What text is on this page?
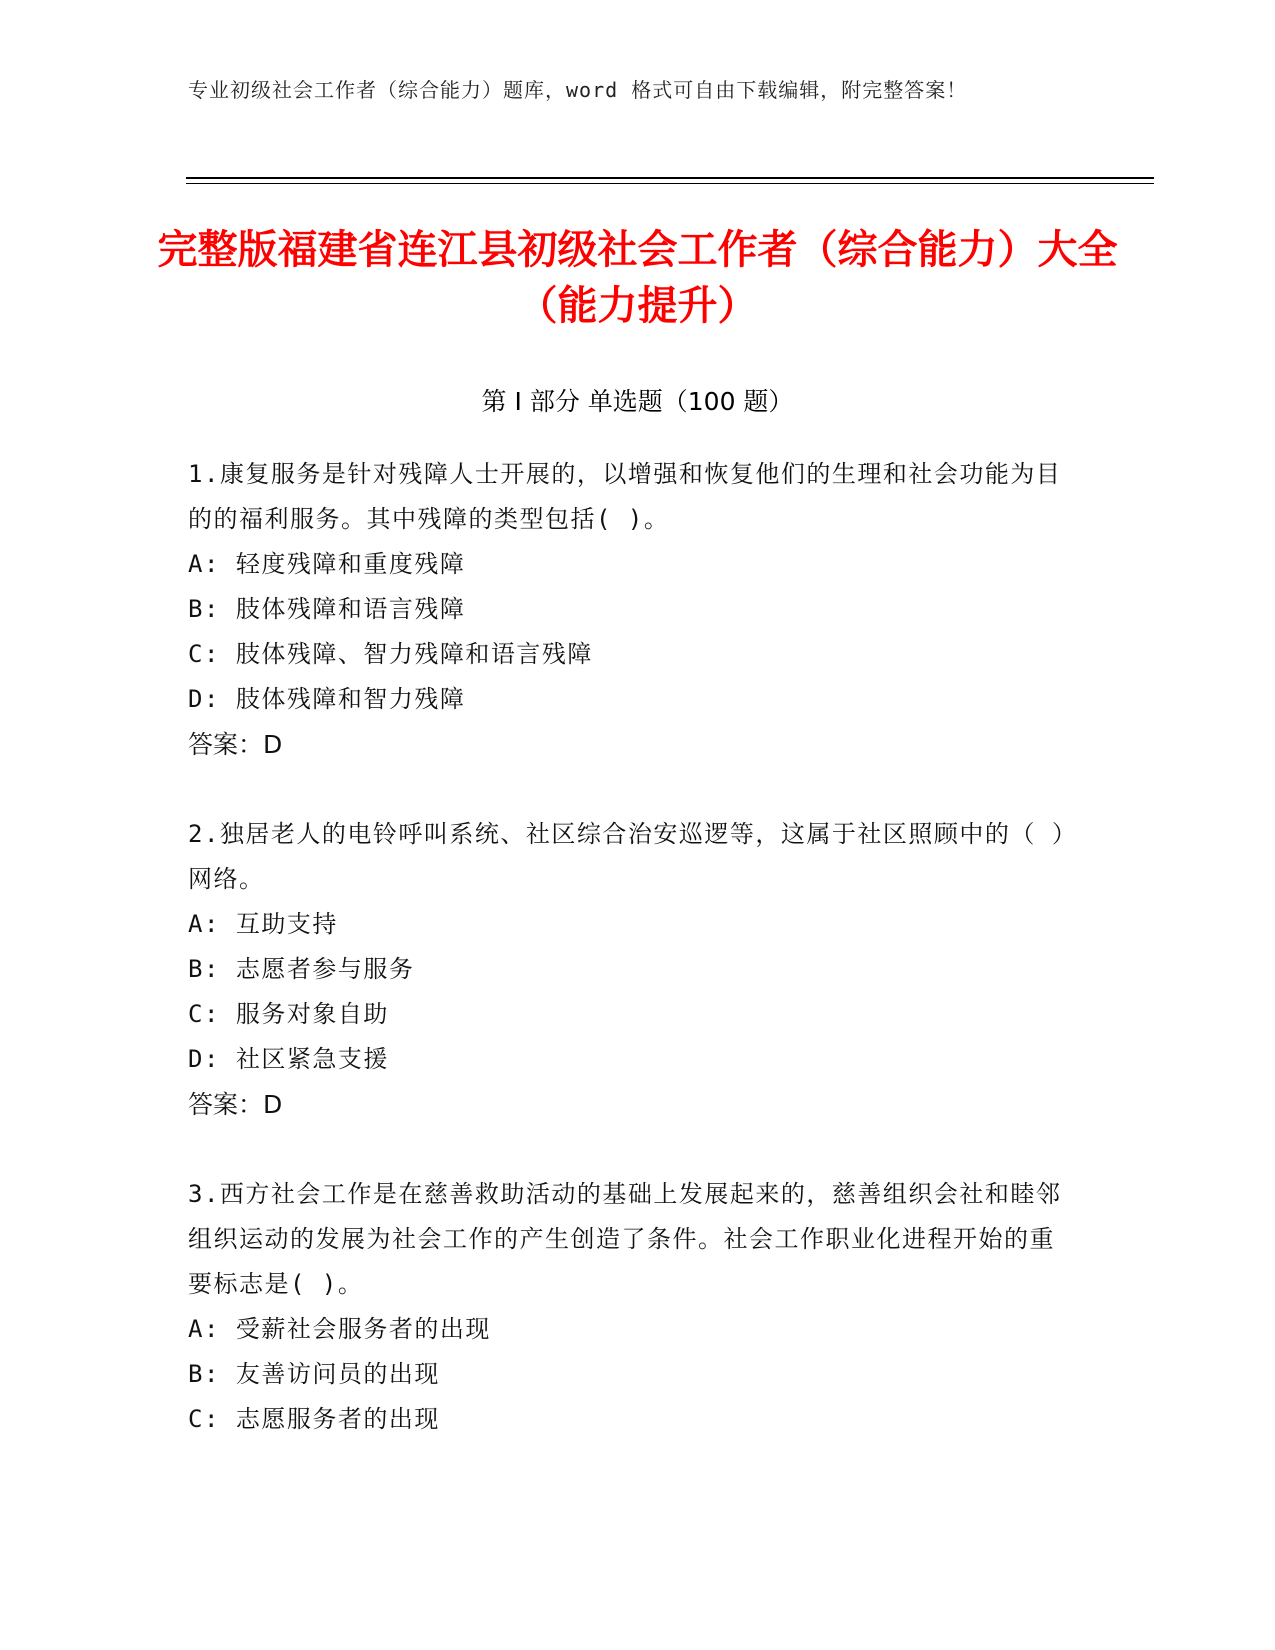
专业初级社会工作者（综合能力）题库，word 格式可自由下载编辑，附完整答案！
完整版福建省连江县初级社会工作者（综合能力）大全（能力提升）
第 I 部分 单选题（100 题）
1.康复服务是针对残障人士开展的，以增强和恢复他们的生理和社会功能为目的的福利服务。其中残障的类型包括( )。
A: 轻度残障和重度残障
B: 肢体残障和语言残障
C: 肢体残障、智力残障和语言残障
D: 肢体残障和智力残障
答案：D
2.独居老人的电铃呼叫系统、社区综合治安巡逻等，这属于社区照顾中的（ ）网络。
A: 互助支持
B: 志愿者参与服务
C: 服务对象自助
D: 社区紧急支援
答案：D
3.西方社会工作是在慈善救助活动的基础上发展起来的，慈善组织会社和睦邻组织运动的发展为社会工作的产生创造了条件。社会工作职业化进程开始的重要标志是( )。
A: 受薪社会服务者的出现
B: 友善访问员的出现
C: 志愿服务者的出现
